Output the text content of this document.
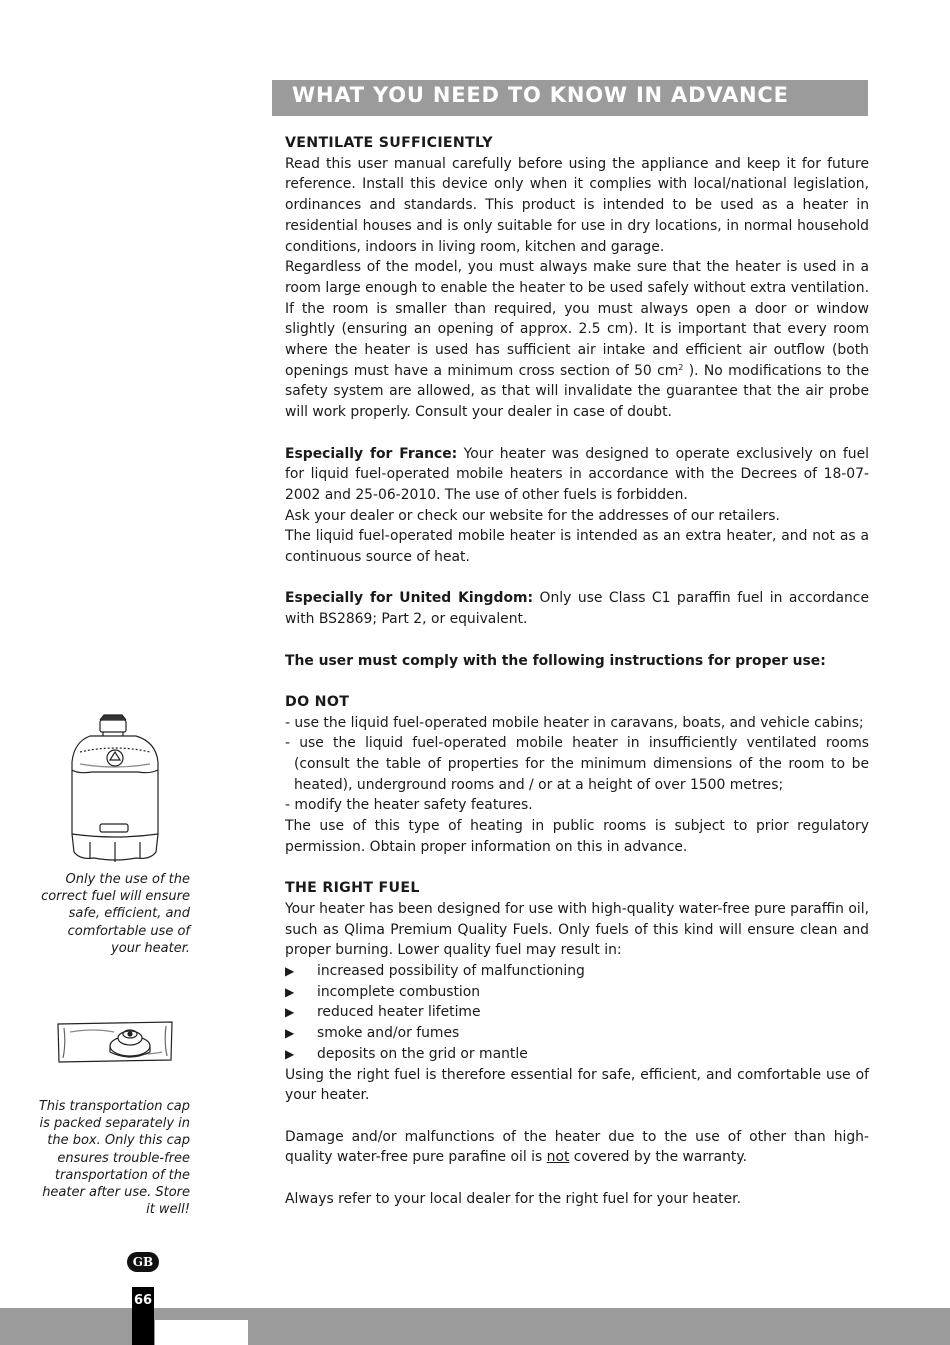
WHAT YOU NEED TO KNOW IN ADVANCE

VENTILATE SUFFICIENTLY

Read this user manual carefully before using the appliance and keep it for future reference. Install this device only when it complies with local/national legislation, ordinances and standards. This product is intended to be used as a heater in residential houses and is only suitable for use in dry locations, in normal household conditions, indoors in living room, kitchen and garage.

Regardless of the model, you must always make sure that the heater is used in a room large enough to enable the heater to be used safely without extra ventilation. If the room is smaller than required, you must always open a door or window slightly (ensuring an opening of approx. 2.5 cm). It is important that every room where the heater is used has sufficient air intake and efficient air outflow (both openings must have a minimum cross section of 50 $cm^2$ ). No modifications to the safety system are allowed, as that will invalidate the guarantee that the air probe will work properly. Consult your dealer in case of doubt.

Especially for France: Your heater was designed to operate exclusively on fuel for liquid fuel-operated mobile heaters in accordance with the Decrees of 18-07-2002 and 25-06-2010. The use of other fuels is forbidden.

Ask your dealer or check our website for the addresses of our retailers.

The liquid fuel-operated mobile heater is intended as an extra heater, and not as a continuous source of heat.

Especially for United Kingdom: Only use Class C1 paraffin fuel in accordance with BS2869; Part 2, or equivalent.

The user must comply with the following instructions for proper use:

DO NOT

- use the liquid fuel-operated mobile heater in caravans, boats, and vehicle cabins;

- use the liquid fuel-operated mobile heater in insufficiently ventilated rooms (consult the table of properties for the minimum dimensions of the room to be heated), underground rooms and / or at a height of over 1500 metres;

- modify the heater safety features.

The use of this type of heating in public rooms is subject to prior regulatory permission. Obtain proper information on this in advance.

THE RIGHT FUEL

Your heater has been designed for use with high-quality water-free pure paraffin oil, such as Qlima Premium Quality Fuels. Only fuels of this kind will ensure clean and proper burning. Lower quality fuel may result in:

▶	increased possibility of malfunctioning
▶	incomplete combustion
▶	reduced heater lifetime
▶	smoke and/or fumes
▶	deposits on the grid or mantle

Using the right fuel is therefore essential for safe, efficient, and comfortable use of your heater.

Damage and/or malfunctions of the heater due to the use of other than high-quality water-free pure parafine oil is not covered by the warranty.

Always refer to your local dealer for the right fuel for your heater.

Only the use of the correct fuel will ensure safe, efficient, and comfortable use of your heater.
This transportation cap is packed separately in the box. Only this cap ensures trouble-free transportation of the heater after use. Store it well!
GB
66
